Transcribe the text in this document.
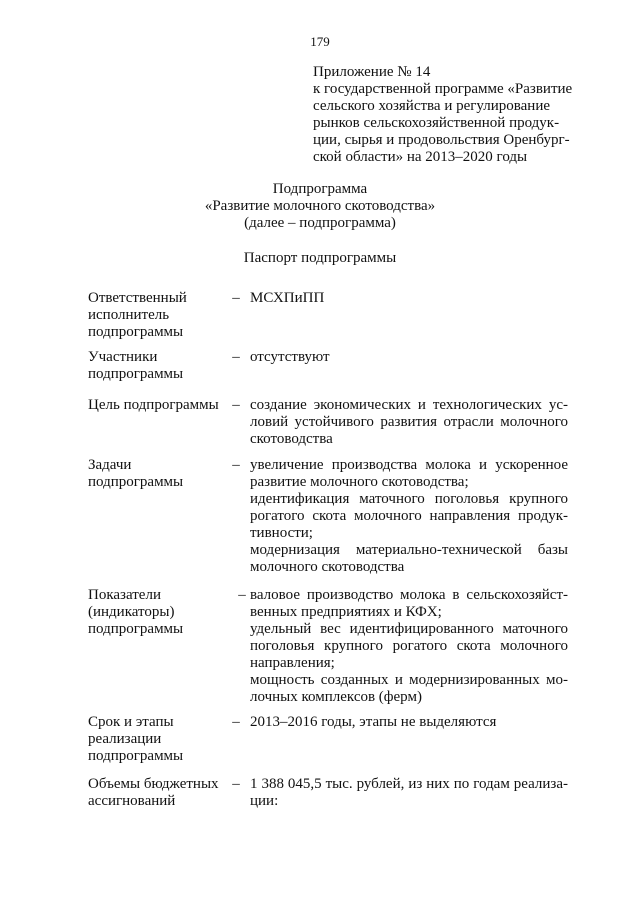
179
Приложение № 14
к государственной программе «Развитие
сельского хозяйства и регулирование
рынков сельскохозяйственной продук-
ции, сырья и продовольствия Оренбург-
ской области» на 2013–2020 годы
Подпрограмма
«Развитие молочного скотоводства»
(далее – подпрограмма)
Паспорт подпрограммы
Ответственный
исполнитель
подпрограммы
– МСХПиПП
Участники
подпрограммы
– отсутствуют
Цель подпрограммы – создание экономических и технологических ус-
ловий устойчивого развития отрасли молочного
скотоводства
Задачи
подпрограммы
– увеличение производства молока и ускоренное
развитие молочного скотоводства;
идентификация маточного поголовья крупного
рогатого скота молочного направления продук-
тивности;
модернизация материально-технической базы
молочного скотоводства
Показатели
(индикаторы)
подпрограммы
– валовое производство молока в сельскохозяйст-
венных предприятиях и КФХ;
удельный вес идентифицированного маточного
поголовья крупного рогатого скота молочного
направления;
мощность созданных и модернизированных мо-
лочных комплексов (ферм)
Срок и этапы
реализации
подпрограммы
– 2013–2016 годы, этапы не выделяются
Объемы бюджетных
ассигнований
– 1 388 045,5 тыс. рублей, из них по годам реализа-
ции:
